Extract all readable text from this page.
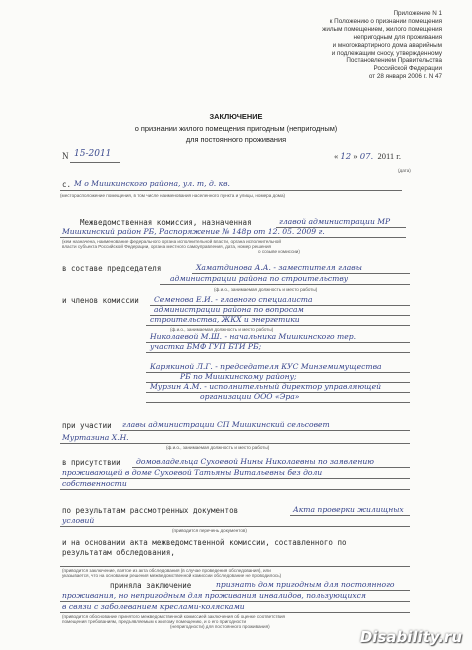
Приложение N 1
к Положению о признании помещения
жилым помещением, жилого помещения
непригодным для проживания
и многоквартирного дома аварийным
и подлежащим сносу, утвержденному
Постановлением Правительства
Российской Федерации
от 28 января 2006 г. N 47
ЗАКЛЮЧЕНИЕ
о признании жилого помещения пригодным (непригодным)
для постоянного проживания
N 15-2011	« 12 » 07. 2011 г.
(дата)
с. М о Мишкинского района, ул. т, д. кв.
(месторасположение помещения, в том числе наименования населенного пункта и улицы, номера дома)
Межведомственная комиссия, назначенная	главой администрации МР
Мишкинский район РБ, Распоряжение № 148р от 12. 05. 2009 г.
(кем назначена, наименование федерального органа исполнительной власти, органа исполнительной
власти субъекта Российской Федерации, органа местного самоуправления, дата, номер решения
о созыве комиссии)
в составе председателя	Хаматдинова А.А. - заместителя главы
администрации района по строительству
(ф.и.о., занимаемая должность и место работы)
и членов комиссии Семенова Е.И. - главного специалиста
администрации района по вопросам
строительства, ЖКХ и энергетики
(ф.и.о., занимаемая должность и место работы)
Николаевой М.Ш. - начальника Мишкинского тер.
участка БМФ ГУП БТИ РБ;
Карякиной Л.Г. - председателя КУС Минземимущества
РБ по Мишкинскому району;
Мурзин А.М. - исполнительный директор управляющей
организации ООО «Эра»
при участии главы администрации СП Мишкинский сельсовет
Муртазина Х.Н.
(ф.и.о., занимаемая должность и место работы)
в присутствии домовладельца Сухоевой Нины Николаевны по заявлению
проживающей в доме Сухоевой Татьяны Витальевны без доли
собственности
по результатам рассмотренных документов	Акта проверки жилищных
условий
(приводится перечень документов)
и на основании акта межведомственной комиссии, составленного по
результатам обследования,
(приводится заключение, взятое из акта обследования (в случае проведения обследования), или
указывается, что на основании решения межведомственной комиссии обследование не проводилось)
приняла заключение	признать дом пригодным для постоянного
проживания, но непригодным для проживания инвалидов, пользующихся
в связи с заболеванием креслами-колясками
(приводится обоснование принятого межведомственной комиссией заключения об оценке соответствия
помещения требованиям, предъявляемым к жилому помещению, и о его пригодности
(непригодности) для постоянного проживания)
Disability.ru
